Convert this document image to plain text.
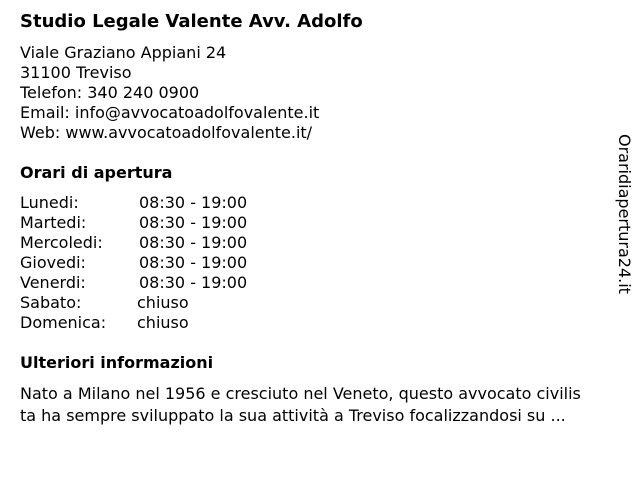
Studio Legale Valente Avv. Adolfo
Viale Graziano Appiani 24
31100 Treviso
Telefon: 340 240 0900
Email: info@avvocatoadolfovalente.it
Web: www.avvocatoadolfovalente.it/
Orari di apertura
Lunedi:	08:30 - 19:00
Martedi:	08:30 - 19:00
Mercoledi: 08:30 - 19:00
Giovedi:	08:30 - 19:00
Venerdi:	08:30 - 19:00
Sabato:	chiuso
Domenica: chiuso
Ulteriori informazioni
Nato a Milano nel 1956 e cresciuto nel Veneto, questo avvocato civilis
ta ha sempre sviluppato la sua attività a Treviso focalizzandosi su ...
Oraridiapertura24.it
